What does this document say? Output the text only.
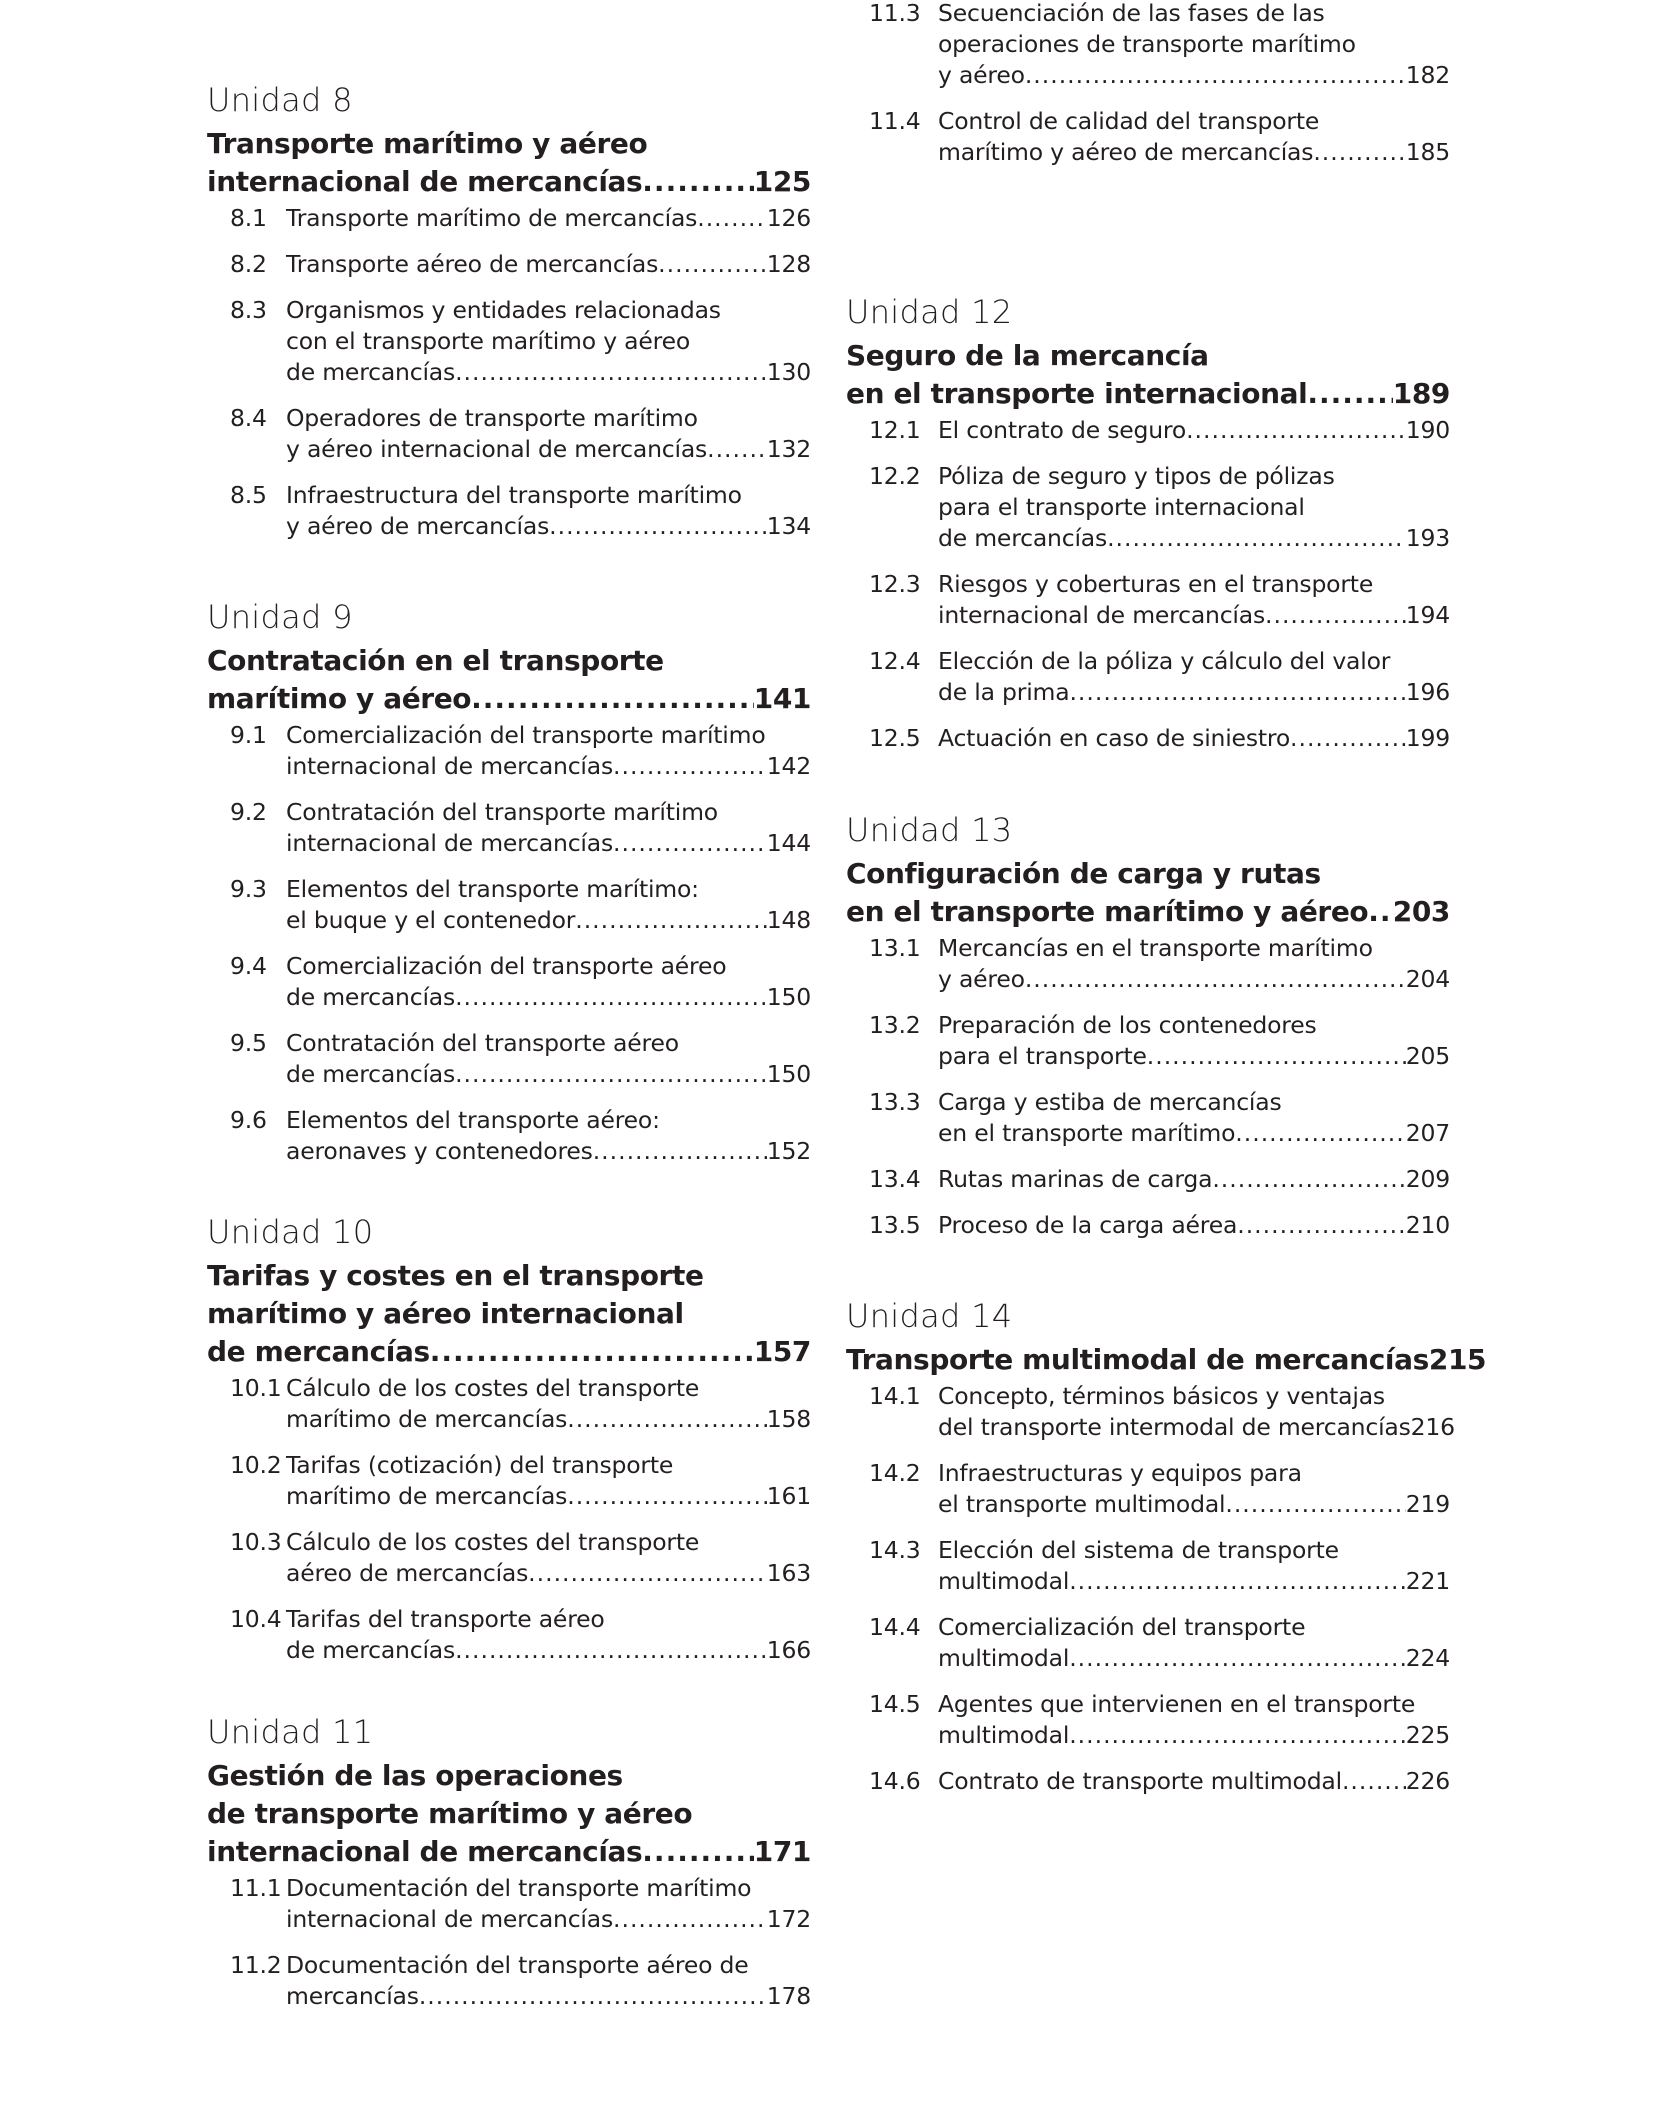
Unidad 8
Transporte marítimo y aéreo
internacional de mercancías .....	125
8.1 Transporte marítimo de mercancías .....	126
8.2 Transporte aéreo de mercancías .....	128
8.3 Organismos y entidades relacionadas
con el transporte marítimo y aéreo
de mercancías .....	130
8.4 Operadores de transporte marítimo
y aéreo internacional de mercancías .....	132
8.5 Infraestructura del transporte marítimo
y aéreo de mercancías .....	134
Unidad 9
Contratación en el transporte
marítimo y aéreo .....	141
9.1 Comercialización del transporte marítimo
internacional de mercancías .....	142
9.2 Contratación del transporte marítimo
internacional de mercancías .....	144
9.3 Elementos del transporte marítimo:
el buque y el contenedor .....	148
9.4 Comercialización del transporte aéreo
de mercancías .....	150
9.5 Contratación del transporte aéreo
de mercancías .....	150
9.6 Elementos del transporte aéreo:
aeronaves y contenedores .....	152
Unidad 10
Tarifas y costes en el transporte
marítimo y aéreo internacional
de mercancías .....	157
10.1 Cálculo de los costes del transporte
marítimo de mercancías .....	158
10.2 Tarifas (cotización) del transporte
marítimo de mercancías .....	161
10.3 Cálculo de los costes del transporte
aéreo de mercancías .....	163
10.4 Tarifas del transporte aéreo
de mercancías .....	166
Unidad 11
Gestión de las operaciones
de transporte marítimo y aéreo
internacional de mercancías .....	171
11.1 Documentación del transporte marítimo
internacional de mercancías .....	172
11.2 Documentación del transporte aéreo de
mercancías .....	178
11.3 Secuenciación de las fases de las
operaciones de transporte marítimo
y aéreo .....	182
11.4 Control de calidad del transporte
marítimo y aéreo de mercancías .....	185
Unidad 12
Seguro de la mercancía
en el transporte internacional .....	189
12.1 El contrato de seguro .....	190
12.2 Póliza de seguro y tipos de pólizas
para el transporte internacional
de mercancías .....	193
12.3 Riesgos y coberturas en el transporte
internacional de mercancías .....	194
12.4 Elección de la póliza y cálculo del valor
de la prima .....	196
12.5 Actuación en caso de siniestro .....	199
Unidad 13
Configuración de carga y rutas
en el transporte marítimo y aéreo ..... 203
13.1 Mercancías en el transporte marítimo
y aéreo .....	204
13.2 Preparación de los contenedores
para el transporte .....	205
13.3 Carga y estiba de mercancías
en el transporte marítimo .....	207
13.4 Rutas marinas de carga .....	209
13.5 Proceso de la carga aérea .....	210
Unidad 14
Transporte multimodal de mercancías 215
14.1 Concepto, términos básicos y ventajas
del transporte intermodal de mercancías 216
14.2 Infraestructuras y equipos para
el transporte multimodal .....	219
14.3 Elección del sistema de transporte
multimodal .....	221
14.4 Comercialización del transporte
multimodal .....	224
14.5 Agentes que intervienen en el transporte
multimodal .....	225
14.6 Contrato de transporte multimodal .....	226
